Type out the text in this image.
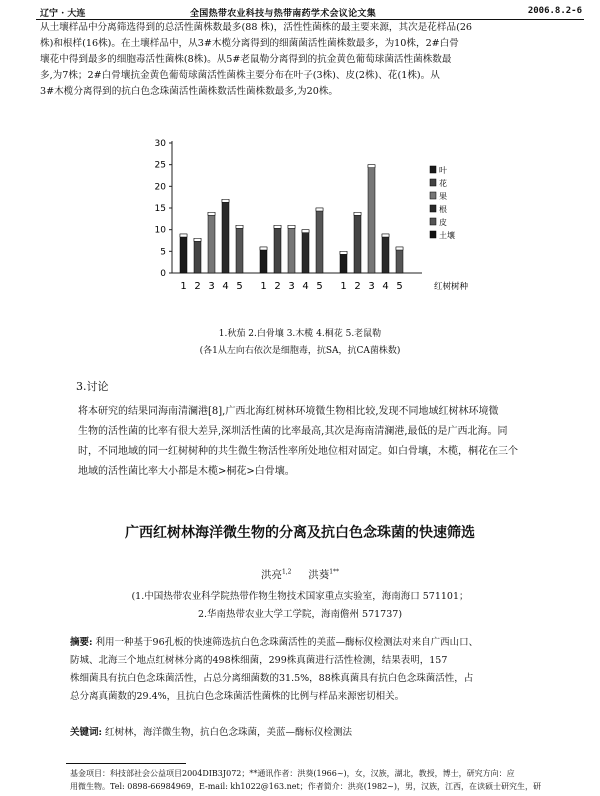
辽宁 · 大连	全国热带农业科技与热带南药学术会议论文集	2006.8.2-6
从土壤样品中分离筛选得到的总活性菌株数最多(88 株)，活性性菌株的最主要来源，其次是花样品(26
株)和根样(16株)。在土壤样品中，从3#木榄分离得到的细菌菌活性菌株数最多，为10株，2#白骨
壤花中得到最多的细胞毒活性菌株(8株)。从5#老鼠勒分离得到的抗金黄色葡萄球菌活性菌株数最
多,为7株；2#白骨壤抗金黄色葡萄球菌活性菌株主要分布在叶子(3株)、皮(2株)、花(1株)。从
3#木榄分离得到的抗白色念珠菌活性菌株数活性菌株数最多,为20株。
0
5
10
15
20
25
30
1 2 3 4 5 1 2 3 4 5 1 2 3 4 5
叶
花
果
根
皮
土壤
红树树种
1.秋茄 2.白骨壤 3.木榄 4.桐花 5.老鼠勒
(各1从左向右依次是细胞毒，抗SA，抗CA菌株数)
3.讨论
将本研究的结果同海南清澜港[8],广西北海红树林环境微生物相比较,发现不同地域红树林环境微
生物的活性菌的比率有很大差异,深圳活性菌的比率最高,其次是海南清澜港,最低的是广西北海。同
时，不同地域的同一红树树种的共生微生物活性率所处地位相对固定。如白骨壤，木榄，桐花在三个
地域的活性菌比率大小都是木榄>桐花>白骨壤。
广西红树林海洋微生物的分离及抗白色念珠菌的快速筛选
洪亮$^{1,2}$ 洪葵$^{1**}$
(1.中国热带农业科学院热带作物生物技术国家重点实验室，海南海口 571101；
2.华南热带农业大学工学院，海南儋州 571737)
摘要: 利用一种基于96孔板的快速筛选抗白色念珠菌活性的美蓝—酶标仪检测法对来自广西山口、
防城、北海三个地点红树林分离的498株细菌，299株真菌进行活性检测，结果表明，157
株细菌具有抗白色念珠菌活性，占总分离细菌数的31.5%，88株真菌具有抗白色念珠菌活性，占
总分离真菌数的29.4%，且抗白色念珠菌活性菌株的比例与样品来源密切相关。
关键词: 红树林，海洋微生物，抗白色念珠菌，美蓝—酶标仪检测法
基金项目：科技部社会公益项目2004DIB3J072；**通讯作者：洪葵(1966~)，女，汉族，湖北，教授，博士，研究方向：应
用微生物。Tel: 0898-66984969，E-mail: kh1022@163.net；作者简介：洪亮(1982~)，男，汉族，江西，在读硕士研究生，研
